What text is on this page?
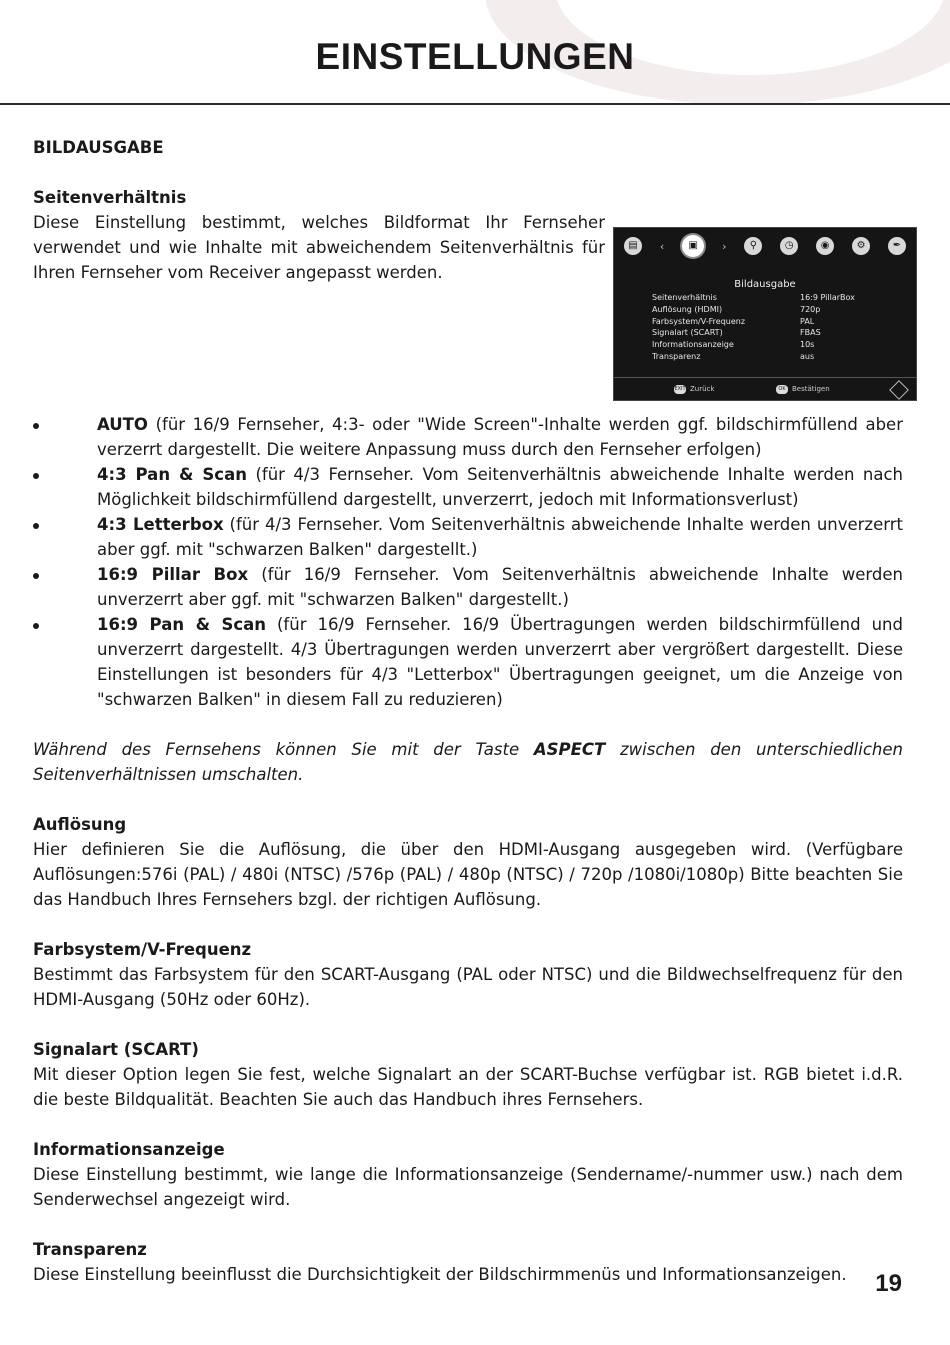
EINSTELLUNGEN

BILDAUSGABE

Seitenverhältnis

Diese Einstellung bestimmt, welches Bildformat Ihr Fernseher verwendet und wie Inhalte mit abweichendem Seitenverhältnis für Ihren Fernseher vom Receiver angepasst werden.

▤	‹	▣	›	⚲	◷	◉	⚙	✒
Bildausgabe
Seitenverhältnis	16:9 PillarBox
Auflösung (HDMI)	720p
Farbsystem/V-Frequenz	PAL
Signalart (SCART)	FBAS
Informationsanzeige	10s
Transparenz	aus
EXIT Zurück	OK Bestätigen
AUTO (für 16/9 Fernseher, 4:3- oder "Wide Screen"-Inhalte werden ggf. bildschirmfüllend aber verzerrt dargestellt. Die weitere Anpassung muss durch den Fernseher erfolgen)
4:3 Pan & Scan (für 4/3 Fernseher. Vom Seitenverhältnis abweichende Inhalte werden nach Möglichkeit bildschirmfüllend dargestellt, unverzerrt, jedoch mit Informationsverlust)
4:3 Letterbox (für 4/3 Fernseher. Vom Seitenverhältnis abweichende Inhalte werden unverzerrt aber ggf. mit "schwarzen Balken" dargestellt.)
16:9 Pillar Box (für 16/9 Fernseher. Vom Seitenverhältnis abweichende Inhalte werden unverzerrt aber ggf. mit "schwarzen Balken" dargestellt.)
16:9 Pan & Scan (für 16/9 Fernseher. 16/9 Übertragungen werden bildschirmfüllend und unverzerrt dargestellt. 4/3 Übertragungen werden unverzerrt aber vergrößert dargestellt. Diese Einstellungen ist besonders für 4/3 "Letterbox" Übertragungen geeignet, um die Anzeige von "schwarzen Balken" in diesem Fall zu reduzieren)

Während des Fernsehens können Sie mit der Taste ASPECT zwischen den unterschiedlichen Seitenverhältnissen umschalten.

Auflösung

Hier definieren Sie die Auflösung, die über den HDMI-Ausgang ausgegeben wird. (Verfügbare Auflösungen:576i (PAL) / 480i (NTSC) /576p (PAL) / 480p (NTSC) / 720p /1080i/1080p) Bitte beachten Sie das Handbuch Ihres Fernsehers bzgl. der richtigen Auflösung.

Farbsystem/V-Frequenz

Bestimmt das Farbsystem für den SCART-Ausgang (PAL oder NTSC) und die Bildwechselfrequenz für den HDMI-Ausgang (50Hz oder 60Hz).

Signalart (SCART)

Mit dieser Option legen Sie fest, welche Signalart an der SCART-Buchse verfügbar ist. RGB bietet i.d.R. die beste Bildqualität. Beachten Sie auch das Handbuch ihres Fernsehers.

Informationsanzeige

Diese Einstellung bestimmt, wie lange die Informationsanzeige (Sendername/-nummer usw.) nach dem Senderwechsel angezeigt wird.

Transparenz

Diese Einstellung beeinflusst die Durchsichtigkeit der Bildschirmmenüs und Informationsanzeigen.	19
